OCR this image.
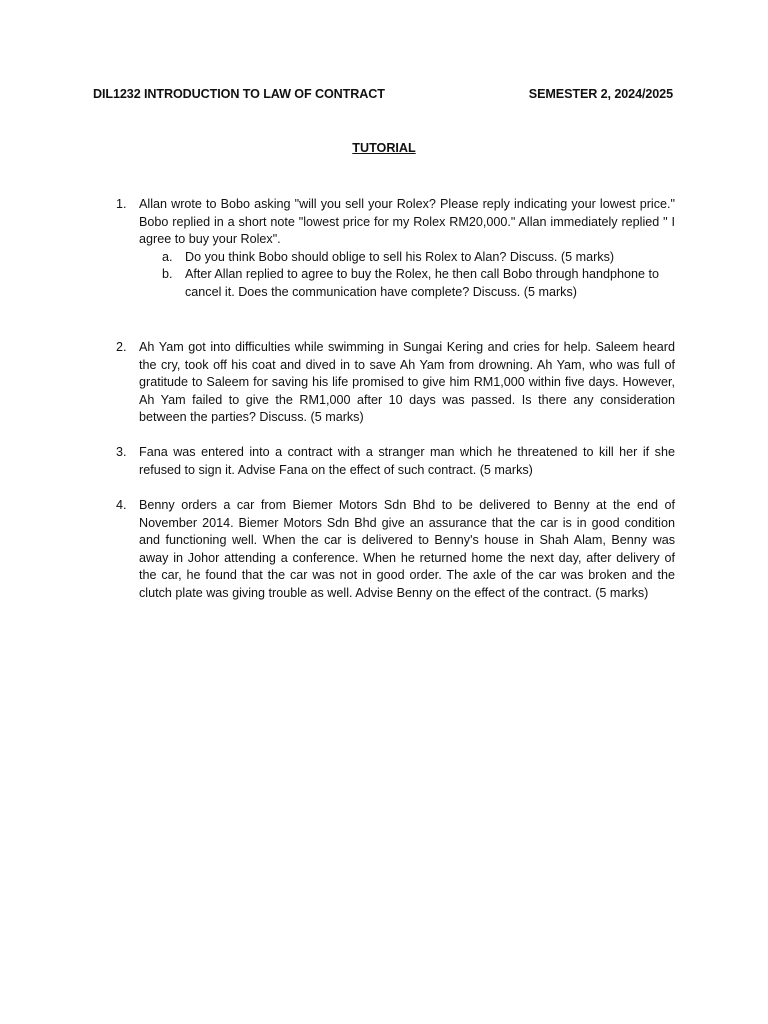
DIL1232 INTRODUCTION TO LAW OF CONTRACT	SEMESTER 2, 2024/2025
TUTORIAL
1. Allan wrote to Bobo asking "will you sell your Rolex? Please reply indicating your lowest price." Bobo replied in a short note "lowest price for my Rolex RM20,000." Allan immediately replied " I agree to buy your Rolex".
a. Do you think Bobo should oblige to sell his Rolex to Alan? Discuss. (5 marks)
b. After Allan replied to agree to buy the Rolex, he then call Bobo through handphone to cancel it. Does the communication have complete? Discuss. (5 marks)
2. Ah Yam got into difficulties while swimming in Sungai Kering and cries for help. Saleem heard the cry, took off his coat and dived in to save Ah Yam from drowning. Ah Yam, who was full of gratitude to Saleem for saving his life promised to give him RM1,000 within five days. However, Ah Yam failed to give the RM1,000 after 10 days was passed. Is there any consideration between the parties? Discuss. (5 marks)
3. Fana was entered into a contract with a stranger man which he threatened to kill her if she refused to sign it. Advise Fana on the effect of such contract. (5 marks)
4. Benny orders a car from Biemer Motors Sdn Bhd to be delivered to Benny at the end of November 2014. Biemer Motors Sdn Bhd give an assurance that the car is in good condition and functioning well. When the car is delivered to Benny's house in Shah Alam, Benny was away in Johor attending a conference. When he returned home the next day, after delivery of the car, he found that the car was not in good order. The axle of the car was broken and the clutch plate was giving trouble as well. Advise Benny on the effect of the contract. (5 marks)
